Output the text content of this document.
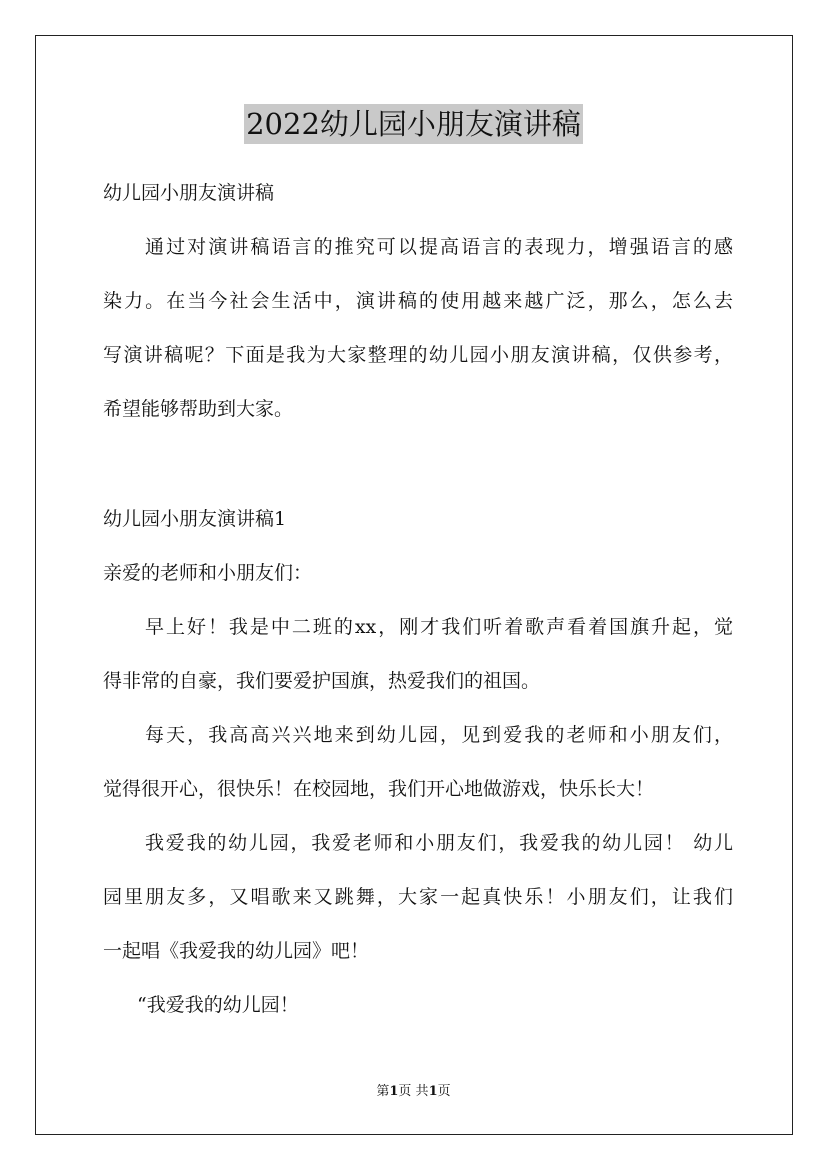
2022幼儿园小朋友演讲稿
幼儿园小朋友演讲稿
通过对演讲稿语言的推究可以提高语言的表现力，增强语言的感
染力。在当今社会生活中，演讲稿的使用越来越广泛，那么，怎么去
写演讲稿呢？下面是我为大家整理的幼儿园小朋友演讲稿，仅供参考，
希望能够帮助到大家。
幼儿园小朋友演讲稿1
亲爱的老师和小朋友们：
早上好！我是中二班的xx，刚才我们听着歌声看着国旗升起，觉
得非常的自豪，我们要爱护国旗，热爱我们的祖国。
每天，我高高兴兴地来到幼儿园，见到爱我的老师和小朋友们，
觉得很开心，很快乐！在校园地，我们开心地做游戏，快乐长大！
我爱我的幼儿园，我爱老师和小朋友们，我爱我的幼儿园！ 幼儿
园里朋友多，又唱歌来又跳舞，大家一起真快乐！小朋友们，让我们
一起唱《我爱我的幼儿园》吧！
“我爱我的幼儿园！
第1页 共1页
